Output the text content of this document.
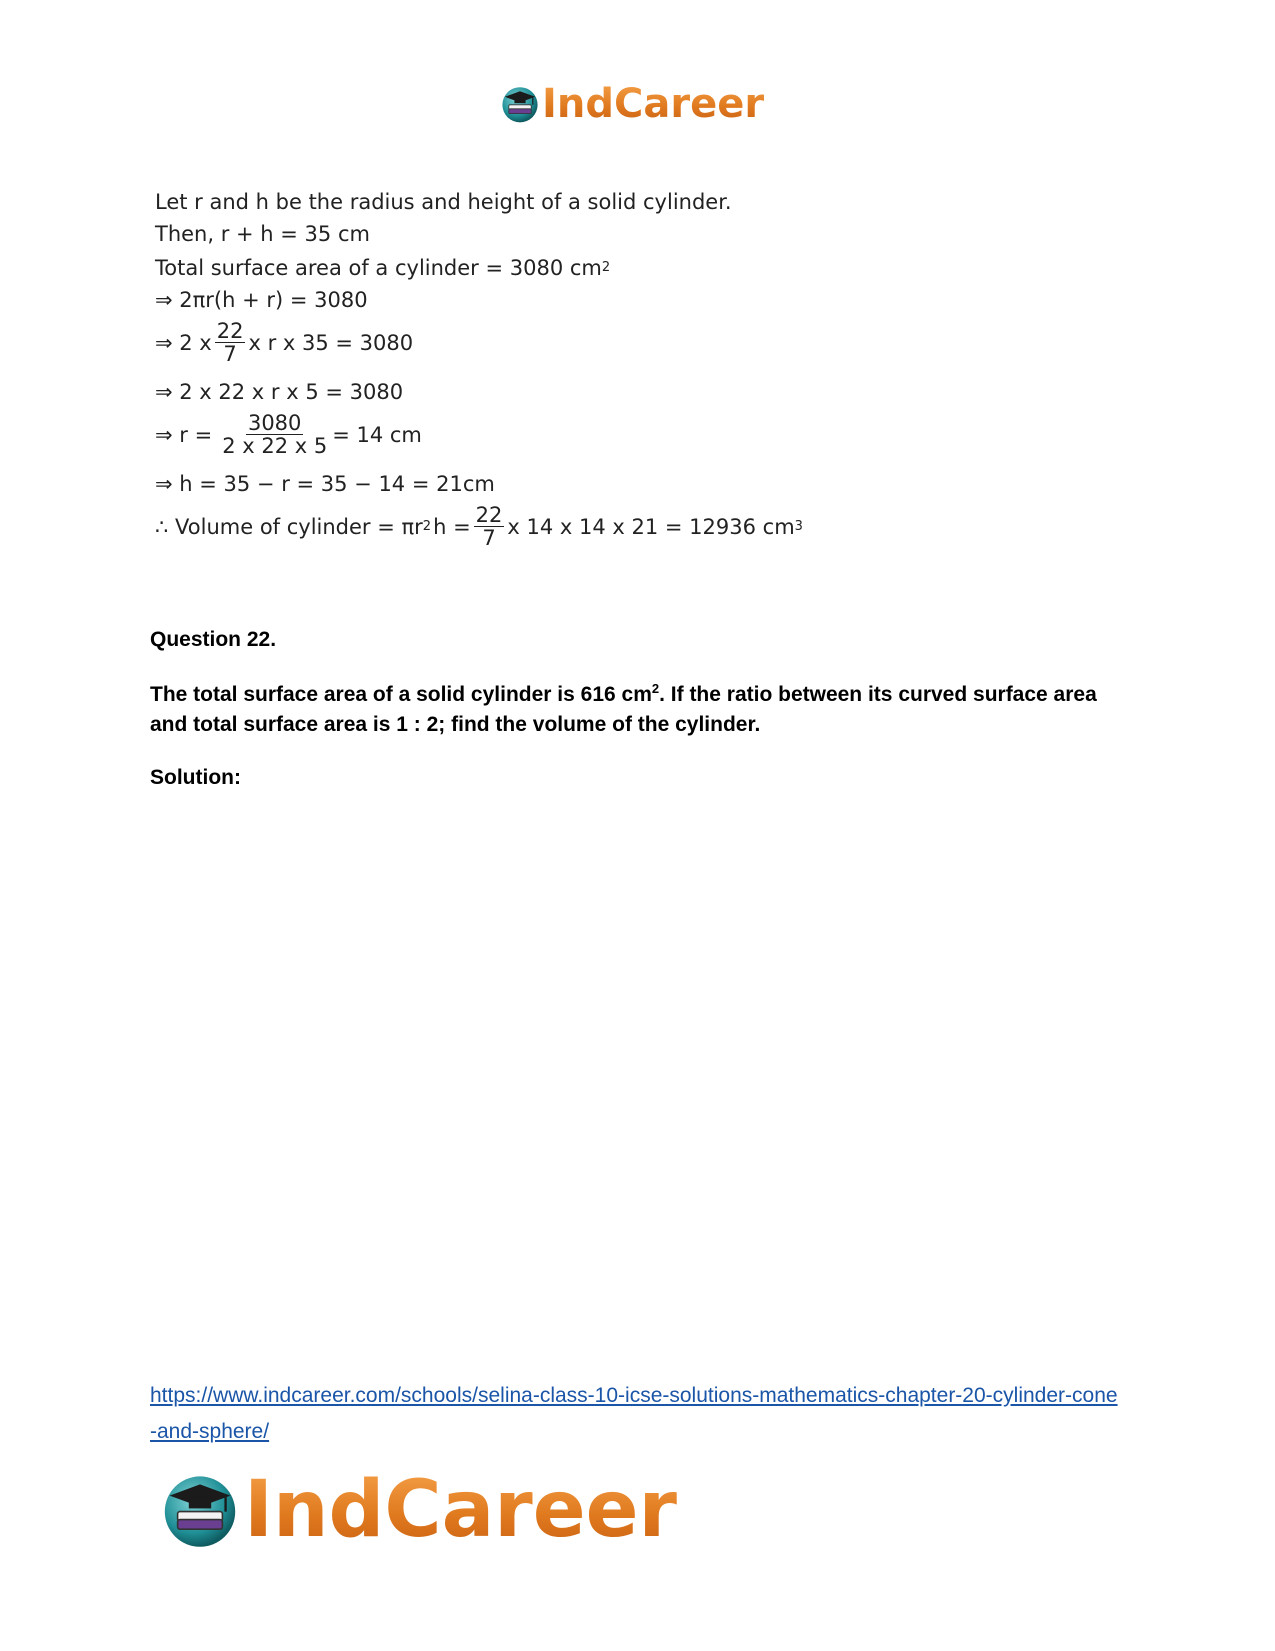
IndCareer
Let r and h be the radius and height of a solid cylinder.
Then, r + h = 35 cm
Total surface area of a cylinder = 3080 cm 2
⇒ 2πr(h + r) = 3080
⇒ 2 x $\frac{22}{7}$ x r x 35 = 3080
⇒ 2 x 22 x r x 5 = 3080
⇒ $r = \frac{3080}{2 x 22 x 5} = 14$ cm
⇒ h = 35 − r = 35 − 14 = 21cm
∴ Volume of cylinder = πr 2 $h = \frac{22}{7}$ x 14 x 14 x 21 = 12936 cm 3
Question 22.
The total surface area of a solid cylinder is 616 $cm^2$. If the ratio between its curved surface area and total surface area is 1 : 2; find the volume of the cylinder.
Solution:
https://www.indcareer.com/schools/selina-class-10-icse-solutions-mathematics-chapter-20-cylinder-cone-and-sphere/
IndCareer
